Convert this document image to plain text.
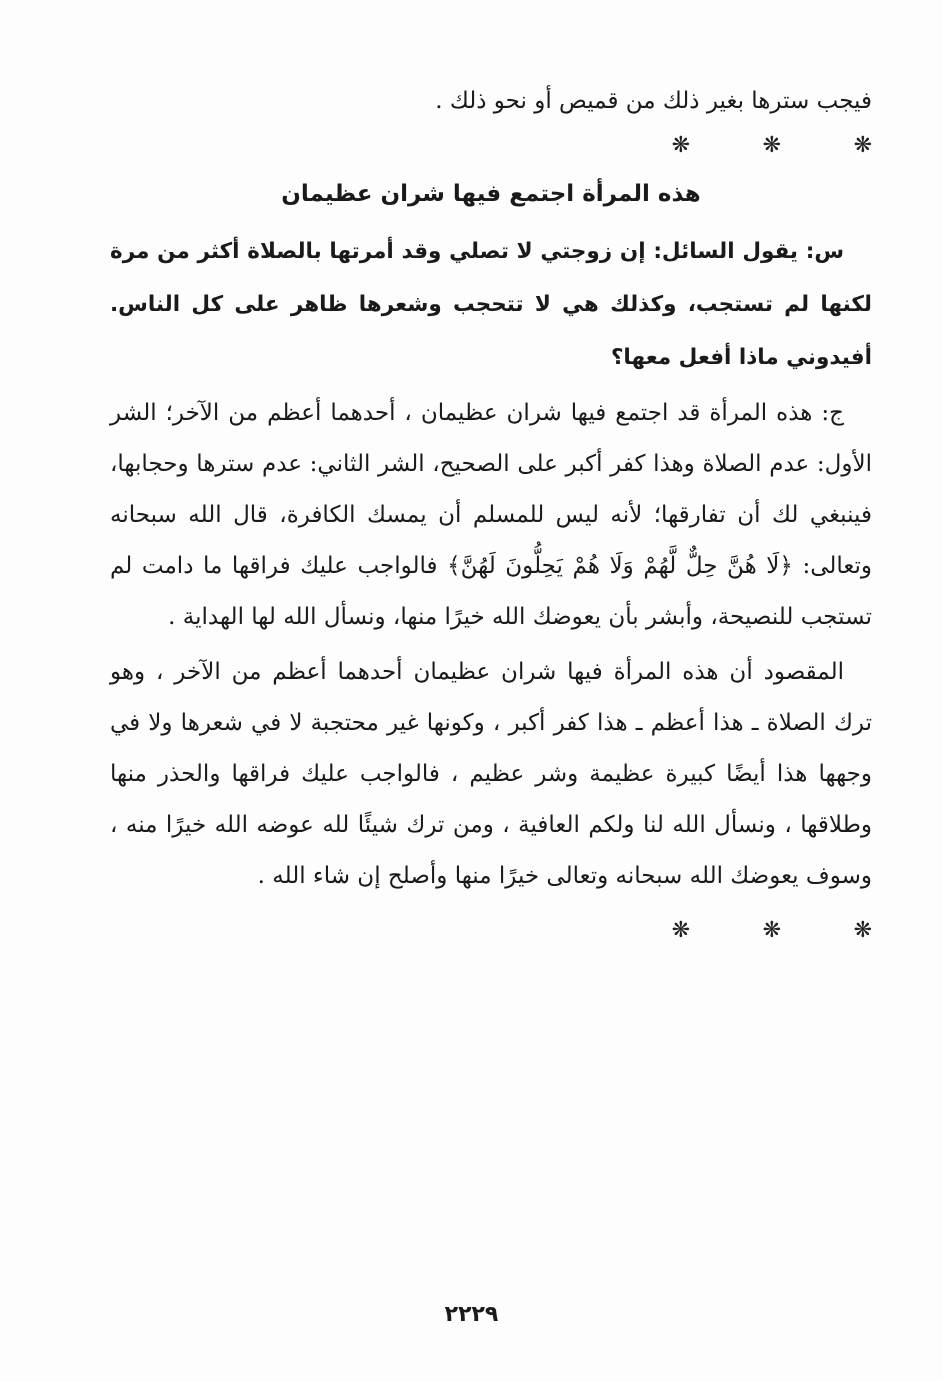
فيجب سترها بغير ذلك من قميص أو نحو ذلك .

❋	❋	❋

هذه المرأة اجتمع فيها شران عظيمان

س: يقول السائل: إن زوجتي لا تصلي وقد أمرتها بالصلاة أكثر من مرة لكنها لم تستجب، وكذلك هي لا تتحجب وشعرها ظاهر على كل الناس. أفيدوني ماذا أفعل معها؟

ج: هذه المرأة قد اجتمع فيها شران عظيمان ، أحدهما أعظم من الآخر؛ الشر الأول: عدم الصلاة وهذا كفر أكبر على الصحيح، الشر الثاني: عدم سترها وحجابها، فينبغي لك أن تفارقها؛ لأنه ليس للمسلم أن يمسك الكافرة، قال الله سبحانه وتعالى: ﴿لَا هُنَّ حِلٌّ لَّهُمْ وَلَا هُمْ يَحِلُّونَ لَهُنَّ﴾ فالواجب عليك فراقها ما دامت لم تستجب للنصيحة، وأبشر بأن يعوضك الله خيرًا منها، ونسأل الله لها الهداية .

المقصود أن هذه المرأة فيها شران عظيمان أحدهما أعظم من الآخر ، وهو ترك الصلاة ـ هذا أعظم ـ هذا كفر أكبر ، وكونها غير محتجبة لا في شعرها ولا في وجهها هذا أيضًا كبيرة عظيمة وشر عظيم ، فالواجب عليك فراقها والحذر منها وطلاقها ، ونسأل الله لنا ولكم العافية ، ومن ترك شيئًا لله عوضه الله خيرًا منه ، وسوف يعوضك الله سبحانه وتعالى خيرًا منها وأصلح إن شاء الله .

❋	❋	❋
٢٢٢٩
